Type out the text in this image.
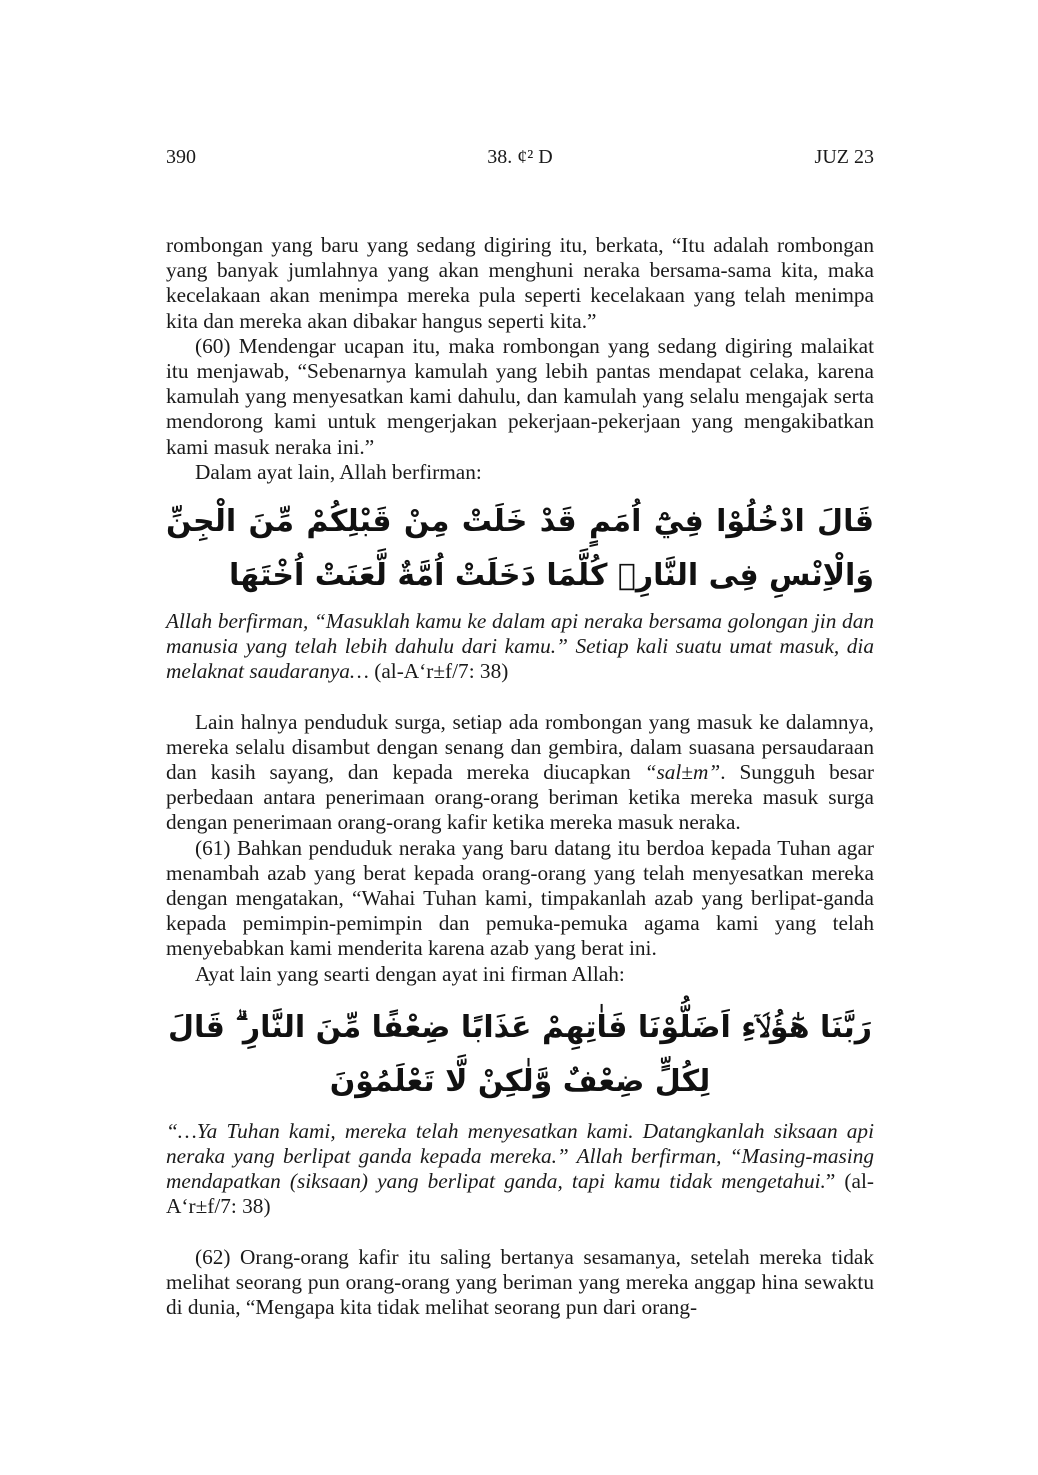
390	38. ¢² D	JUZ 23

rombongan yang baru yang sedang digiring itu, berkata, “Itu adalah rombongan yang banyak jumlahnya yang akan menghuni neraka bersama-sama kita, maka kecelakaan akan menimpa mereka pula seperti kecelakaan yang telah menimpa kita dan mereka akan dibakar hangus seperti kita.”

(60) Mendengar ucapan itu, maka rombongan yang sedang digiring malaikat itu menjawab, “Sebenarnya kamulah yang lebih pantas mendapat celaka, karena kamulah yang menyesatkan kami dahulu, dan kamulah yang selalu mengajak serta mendorong kami untuk mengerjakan pekerjaan-pekerjaan yang mengakibatkan kami masuk neraka ini.”

Dalam ayat lain, Allah berfirman:

قَالَ ادْخُلُوْا فِيْٓ اُمَمٍ قَدْ خَلَتْ مِنْ قَبْلِكُمْ مِّنَ الْجِنِّ وَالْاِنْسِ فِى النَّارِۗ كُلَّمَا دَخَلَتْ اُمَّةٌ لَّعَنَتْ اُخْتَهَا

Allah berfirman, “Masuklah kamu ke dalam api neraka bersama golongan jin dan manusia yang telah lebih dahulu dari kamu.” Setiap kali suatu umat masuk, dia melaknat saudaranya… (al-A‘r±f/7: 38)

Lain halnya penduduk surga, setiap ada rombongan yang masuk ke dalamnya, mereka selalu disambut dengan senang dan gembira, dalam suasana persaudaraan dan kasih sayang, dan kepada mereka diucapkan “sal±m”. Sungguh besar perbedaan antara penerimaan orang-orang beriman ketika mereka masuk surga dengan penerimaan orang-orang kafir ketika mereka masuk neraka.

(61) Bahkan penduduk neraka yang baru datang itu berdoa kepada Tuhan agar menambah azab yang berat kepada orang-orang yang telah menyesatkan mereka dengan mengatakan, “Wahai Tuhan kami, timpakanlah azab yang berlipat-ganda kepada pemimpin-pemimpin dan pemuka-pemuka agama kami yang telah menyebabkan kami menderita karena azab yang berat ini.

Ayat lain yang searti dengan ayat ini firman Allah:

رَبَّنَا هٰٓؤُلَاۤءِ اَضَلُّوْنَا فَاٰتِهِمْ عَذَابًا ضِعْفًا مِّنَ النَّارِ ۗ قَالَ لِكُلٍّ ضِعْفٌ وَّلٰكِنْ لَّا تَعْلَمُوْنَ

“…Ya Tuhan kami, mereka telah menyesatkan kami. Datangkanlah siksaan api neraka yang berlipat ganda kepada mereka.” Allah berfirman, “Masing-masing mendapatkan (siksaan) yang berlipat ganda, tapi kamu tidak mengetahui.” (al-A‘r±f/7: 38)

(62) Orang-orang kafir itu saling bertanya sesamanya, setelah mereka tidak melihat seorang pun orang-orang yang beriman yang mereka anggap hina sewaktu di dunia, “Mengapa kita tidak melihat seorang pun dari orang-
